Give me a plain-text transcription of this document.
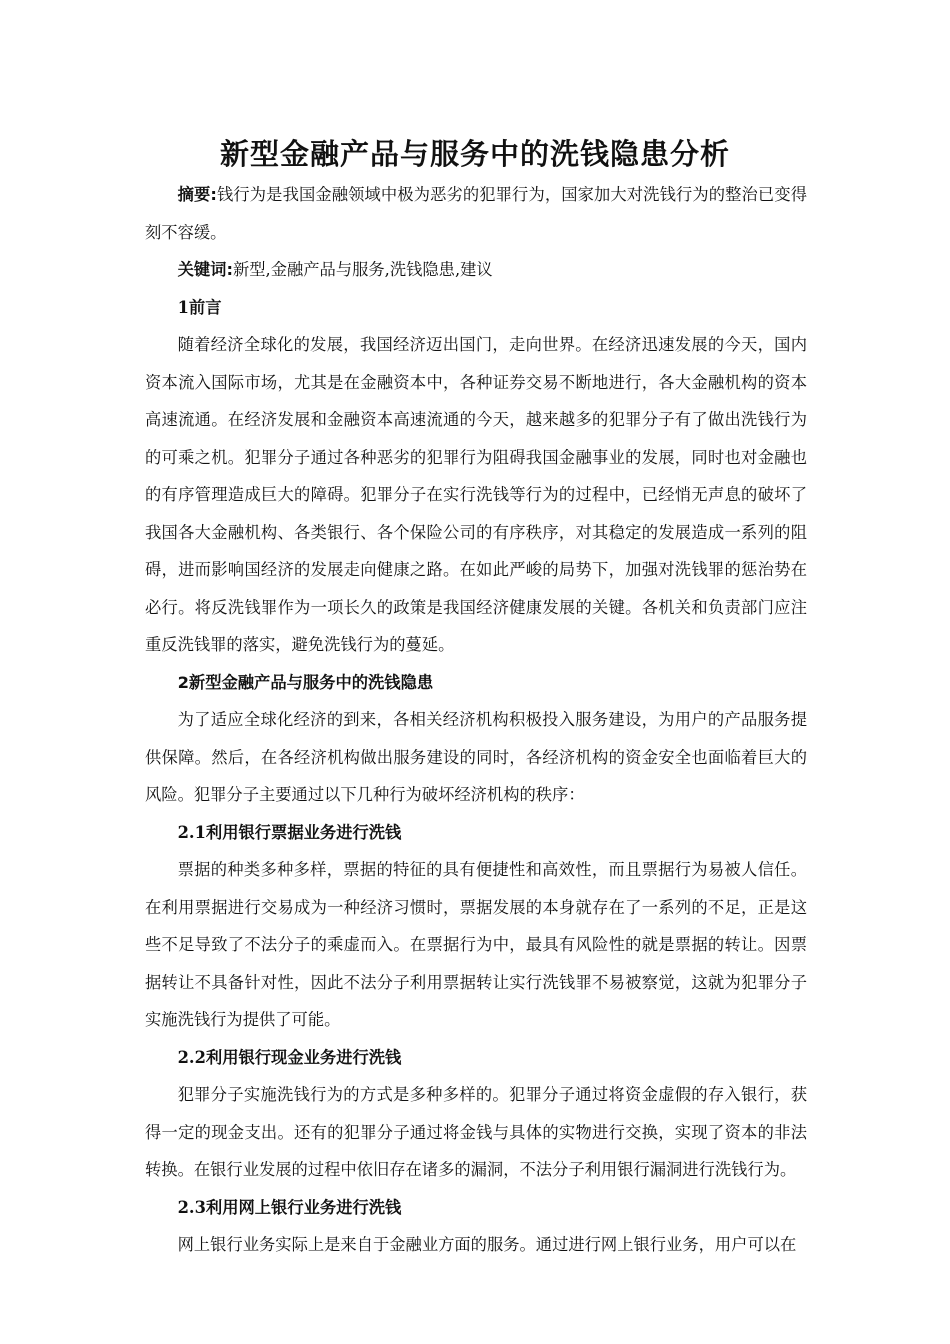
新型金融产品与服务中的洗钱隐患分析

摘要:钱行为是我国金融领域中极为恶劣的犯罪行为，国家加大对洗钱行为的整治已变得刻不容缓。

关键词:新型,金融产品与服务,洗钱隐患,建议

1前言

随着经济全球化的发展，我国经济迈出国门，走向世界。在经济迅速发展的今天，国内资本流入国际市场，尤其是在金融资本中，各种证券交易不断地进行，各大金融机构的资本高速流通。在经济发展和金融资本高速流通的今天，越来越多的犯罪分子有了做出洗钱行为的可乘之机。犯罪分子通过各种恶劣的犯罪行为阻碍我国金融事业的发展，同时也对金融也的有序管理造成巨大的障碍。犯罪分子在实行洗钱等行为的过程中，已经悄无声息的破坏了我国各大金融机构、各类银行、各个保险公司的有序秩序，对其稳定的发展造成一系列的阻碍，进而影响国经济的发展走向健康之路。在如此严峻的局势下，加强对洗钱罪的惩治势在必行。将反洗钱罪作为一项长久的政策是我国经济健康发展的关键。各机关和负责部门应注重反洗钱罪的落实，避免洗钱行为的蔓延。

2新型金融产品与服务中的洗钱隐患

为了适应全球化经济的到来，各相关经济机构积极投入服务建设，为用户的产品服务提供保障。然后，在各经济机构做出服务建设的同时，各经济机构的资金安全也面临着巨大的风险。犯罪分子主要通过以下几种行为破坏经济机构的秩序：

2.1利用银行票据业务进行洗钱

票据的种类多种多样，票据的特征的具有便捷性和高效性，而且票据行为易被人信任。在利用票据进行交易成为一种经济习惯时，票据发展的本身就存在了一系列的不足，正是这些不足导致了不法分子的乘虚而入。在票据行为中，最具有风险性的就是票据的转让。因票据转让不具备针对性，因此不法分子利用票据转让实行洗钱罪不易被察觉，这就为犯罪分子实施洗钱行为提供了可能。

2.2利用银行现金业务进行洗钱

犯罪分子实施洗钱行为的方式是多种多样的。犯罪分子通过将资金虚假的存入银行，获得一定的现金支出。还有的犯罪分子通过将金钱与具体的实物进行交换，实现了资本的非法转换。在银行业发展的过程中依旧存在诸多的漏洞，不法分子利用银行漏洞进行洗钱行为。

2.3利用网上银行业务进行洗钱

网上银行业务实际上是来自于金融业方面的服务。通过进行网上银行业务，用户可以在
